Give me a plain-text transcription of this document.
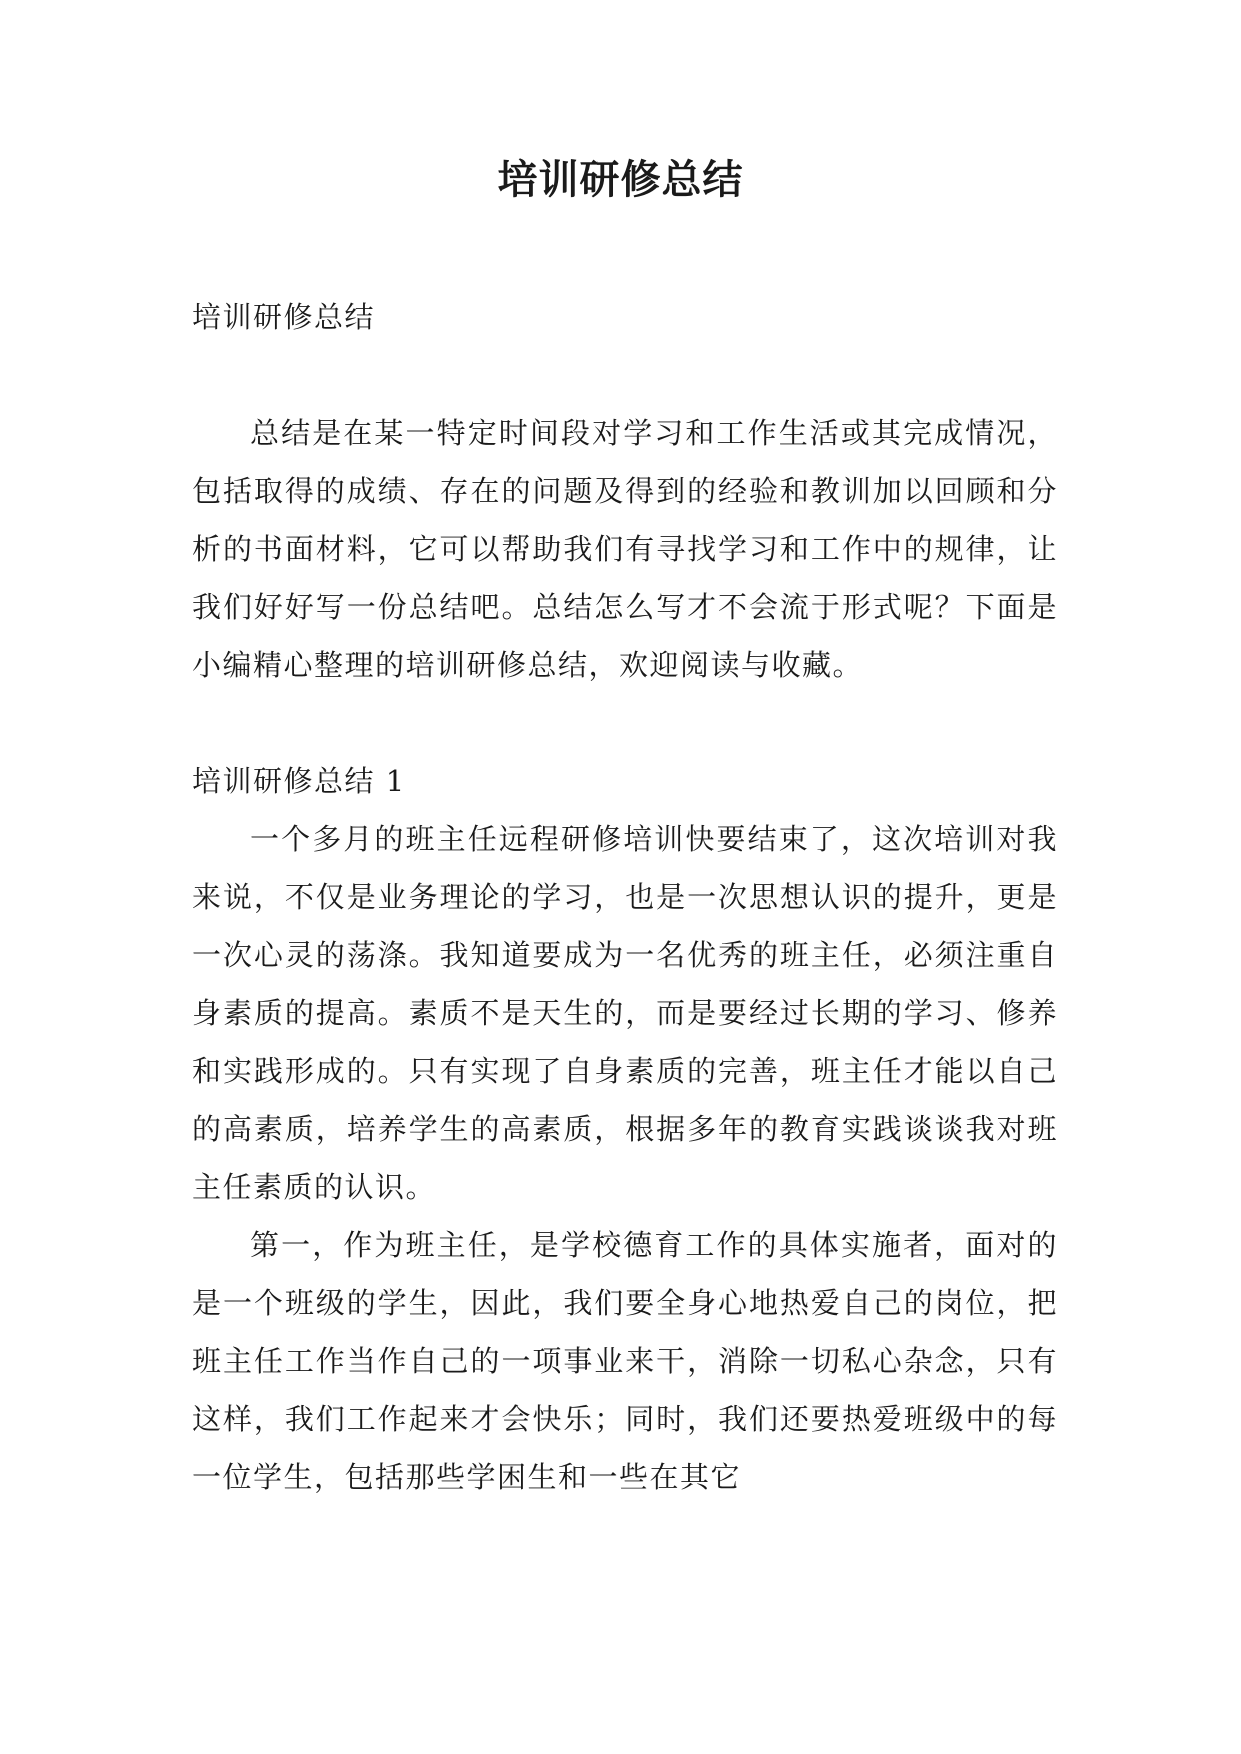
培训研修总结

培训研修总结

总结是在某一特定时间段对学习和工作生活或其完成情况，包括取得的成绩、存在的问题及得到的经验和教训加以回顾和分析的书面材料，它可以帮助我们有寻找学习和工作中的规律，让我们好好写一份总结吧。总结怎么写才不会流于形式呢？下面是小编精心整理的培训研修总结，欢迎阅读与收藏。

培训研修总结 1

一个多月的班主任远程研修培训快要结束了，这次培训对我来说，不仅是业务理论的学习，也是一次思想认识的提升，更是一次心灵的荡涤。我知道要成为一名优秀的班主任，必须注重自身素质的提高。素质不是天生的，而是要经过长期的学习、修养和实践形成的。只有实现了自身素质的完善，班主任才能以自己的高素质，培养学生的高素质，根据多年的教育实践谈谈我对班主任素质的认识。

第一，作为班主任，是学校德育工作的具体实施者，面对的是一个班级的学生，因此，我们要全身心地热爱自己的岗位，把班主任工作当作自己的一项事业来干，消除一切私心杂念，只有这样，我们工作起来才会快乐；同时，我们还要热爱班级中的每一位学生，包括那些学困生和一些在其它
